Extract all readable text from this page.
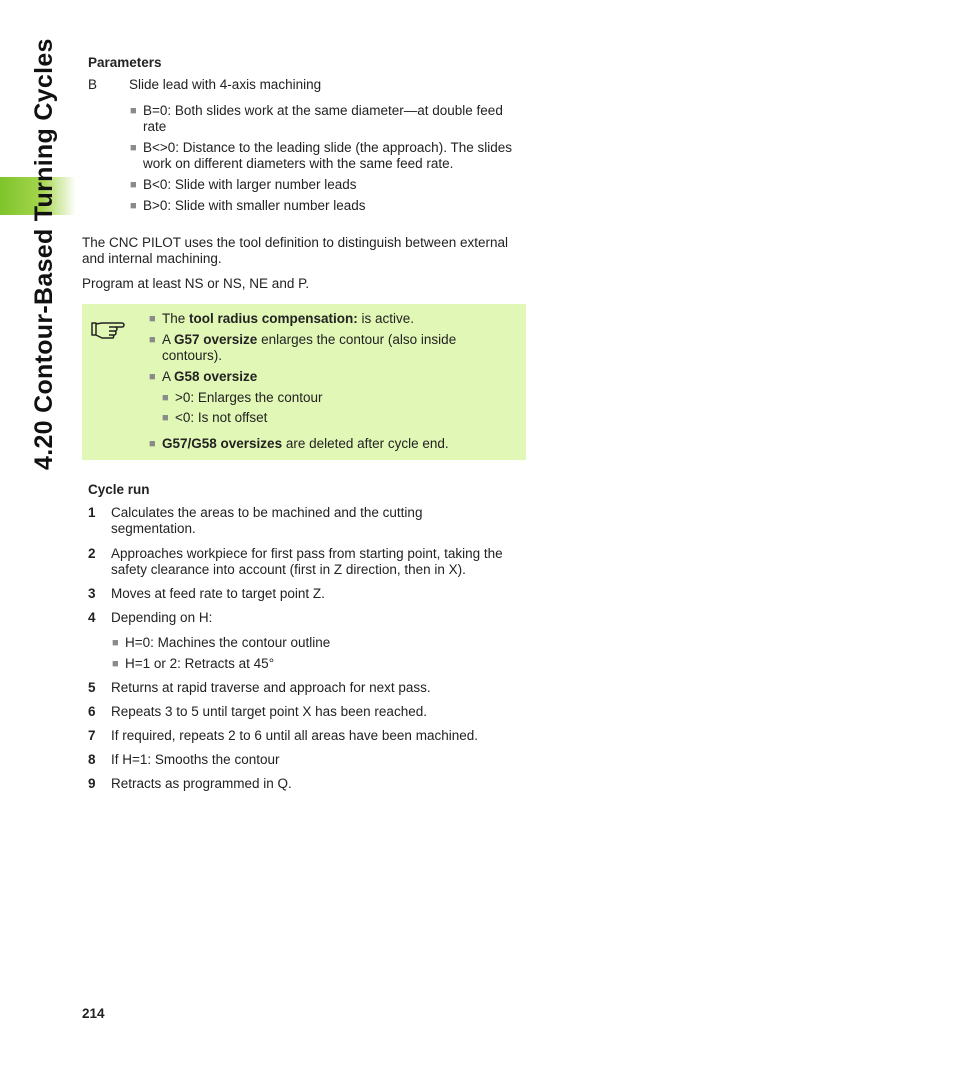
4.20 Contour-Based Turning Cycles Parameters
B Slide lead with 4-axis machining
■ B=0: Both slides work at the same diameter—at double feed rate
■ B<>0: Distance to the leading slide (the approach). The slides work on different diameters with the same feed rate.
■ B<0: Slide with larger number leads
■ B>0: Slide with smaller number leads
The CNC PILOT uses the tool definition to distinguish between external and internal machining.
Program at least NS or NS, NE and P.
■ The tool radius compensation: is active.
■ A G57 oversize enlarges the contour (also inside contours).
■ A G58 oversize
■ >0: Enlarges the contour
■ <0: Is not offset
■ G57/G58 oversizes are deleted after cycle end.
Cycle run
1	Calculates the areas to be machined and the cutting segmentation.
2	Approaches workpiece for first pass from starting point, taking the safety clearance into account (first in Z direction, then in X).
3	Moves at feed rate to target point Z.
4	Depending on H:
■ H=0: Machines the contour outline
■ H=1 or 2: Retracts at 45°
5	Returns at rapid traverse and approach for next pass.
6	Repeats 3 to 5 until target point X has been reached.
7	If required, repeats 2 to 6 until all areas have been machined.
8	If H=1: Smooths the contour
9	Retracts as programmed in Q.
214
